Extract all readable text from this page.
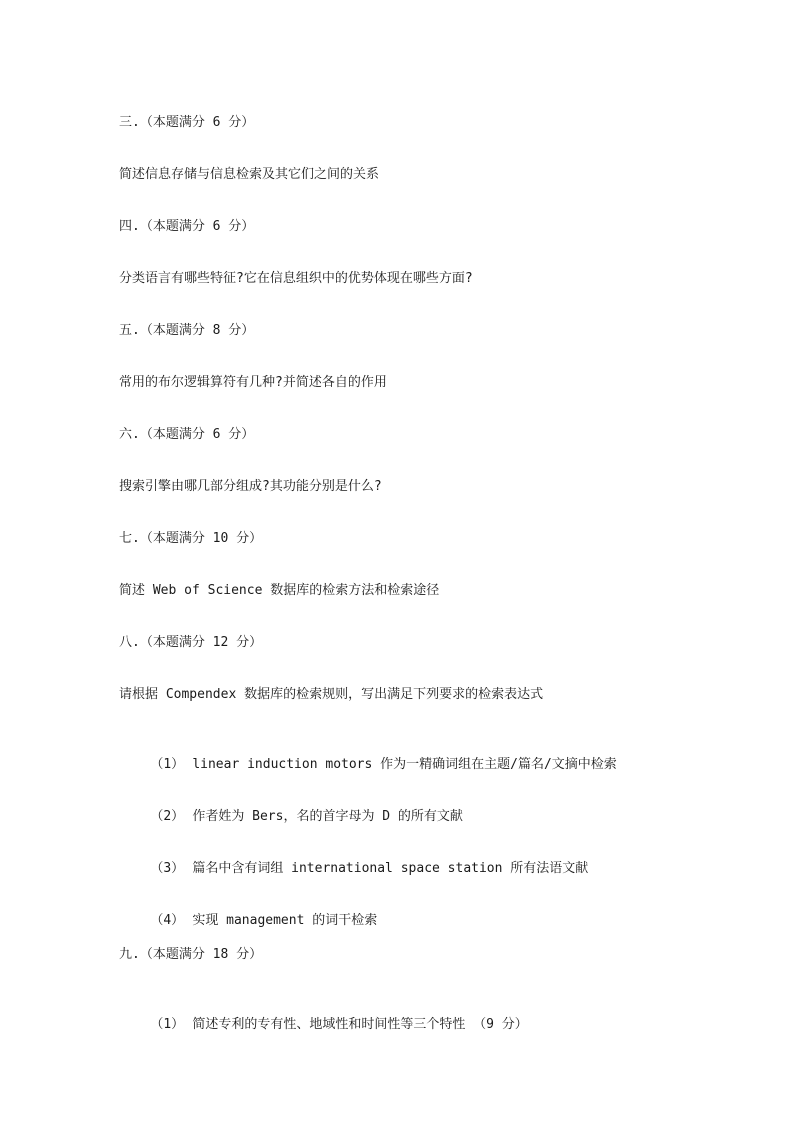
三.（本题满分 6 分）
简述信息存储与信息检索及其它们之间的关系
四.（本题满分 6 分）
分类语言有哪些特征?它在信息组织中的优势体现在哪些方面?
五.（本题满分 8 分）
常用的布尔逻辑算符有几种?并简述各自的作用
六.（本题满分 6 分）
搜索引擎由哪几部分组成?其功能分别是什么?
七.（本题满分 10 分）
简述 Web of Science 数据库的检索方法和检索途径
八.（本题满分 12 分）
请根据 Compendex 数据库的检索规则，写出满足下列要求的检索表达式

（1） linear induction motors 作为一精确词组在主题/篇名/文摘中检索

（2） 作者姓为 Bers，名的首字母为 D 的所有文献

（3） 篇名中含有词组 international space station 所有法语文献

（4） 实现 management 的词干检索

九.（本题满分 18 分）

（1） 简述专利的专有性、地域性和时间性等三个特性 （9 分）
